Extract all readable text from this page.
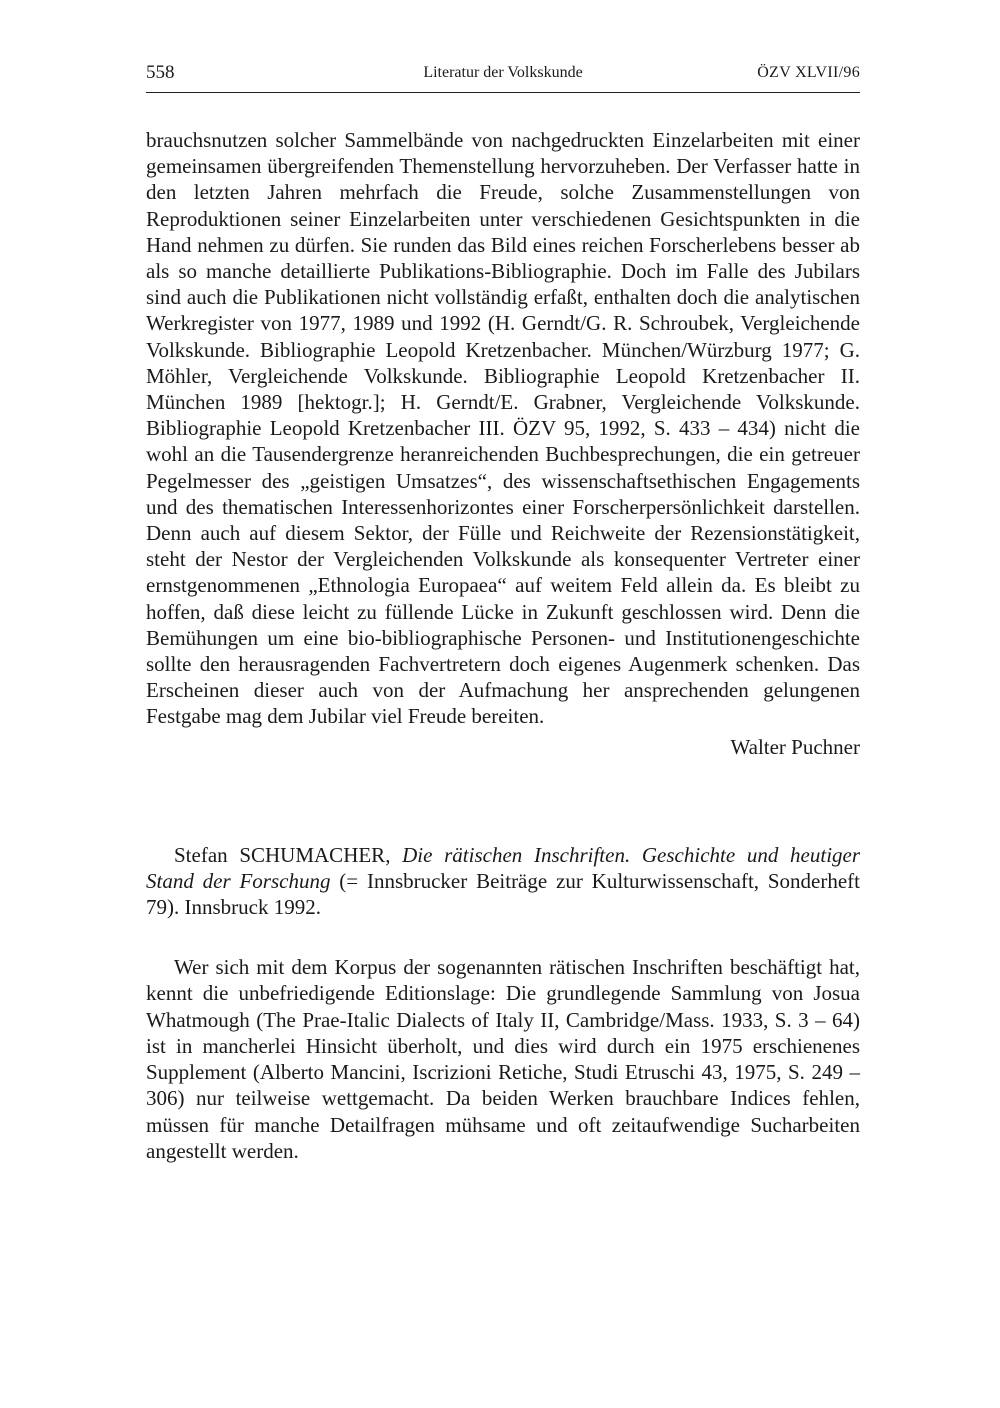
558	Literatur der Volkskunde	ÖZV XLVII/96

brauchsnutzen solcher Sammelbände von nachgedruckten Einzelarbeiten mit einer gemeinsamen übergreifenden Themenstellung hervorzuheben. Der Verfasser hatte in den letzten Jahren mehrfach die Freude, solche Zusammenstellungen von Reproduktionen seiner Einzelarbeiten unter verschiedenen Gesichtspunkten in die Hand nehmen zu dürfen. Sie runden das Bild eines reichen Forscherlebens besser ab als so manche detaillierte Publikations-Bibliographie. Doch im Falle des Jubilars sind auch die Publikationen nicht vollständig erfaßt, enthalten doch die analytischen Werkregister von 1977, 1989 und 1992 (H. Gerndt/G. R. Schroubek, Vergleichende Volkskunde. Bibliographie Leopold Kretzenbacher. München/Würzburg 1977; G. Möhler, Vergleichende Volkskunde. Bibliographie Leopold Kretzenbacher II. München 1989 [hektogr.]; H. Gerndt/E. Grabner, Vergleichende Volkskunde. Bibliographie Leopold Kretzenbacher III. ÖZV 95, 1992, S. 433 – 434) nicht die wohl an die Tausendergrenze heranreichenden Buchbesprechungen, die ein getreuer Pegelmesser des „geistigen Umsatzes“, des wissenschaftsethischen Engagements und des thematischen Interessenhorizontes einer Forscherpersönlichkeit darstellen. Denn auch auf diesem Sektor, der Fülle und Reichweite der Rezensionstätigkeit, steht der Nestor der Vergleichenden Volkskunde als konsequenter Vertreter einer ernstgenommenen „Ethnologia Europaea“ auf weitem Feld allein da. Es bleibt zu hoffen, daß diese leicht zu füllende Lücke in Zukunft geschlossen wird. Denn die Bemühungen um eine bio-bibliographische Personen- und Institutionengeschichte sollte den herausragenden Fachvertretern doch eigenes Augenmerk schenken. Das Erscheinen dieser auch von der Aufmachung her ansprechenden gelungenen Festgabe mag dem Jubilar viel Freude bereiten.

Walter Puchner

Stefan SCHUMACHER, Die rätischen Inschriften. Geschichte und heutiger Stand der Forschung (= Innsbrucker Beiträge zur Kulturwissenschaft, Sonderheft 79). Innsbruck 1992.

Wer sich mit dem Korpus der sogenannten rätischen Inschriften beschäftigt hat, kennt die unbefriedigende Editionslage: Die grundlegende Sammlung von Josua Whatmough (The Prae-Italic Dialects of Italy II, Cambridge/Mass. 1933, S. 3 – 64) ist in mancherlei Hinsicht überholt, und dies wird durch ein 1975 erschienenes Supplement (Alberto Mancini, Iscrizioni Retiche, Studi Etruschi 43, 1975, S. 249 – 306) nur teilweise wettgemacht. Da beiden Werken brauchbare Indices fehlen, müssen für manche Detailfragen mühsame und oft zeitaufwendige Sucharbeiten angestellt werden.
